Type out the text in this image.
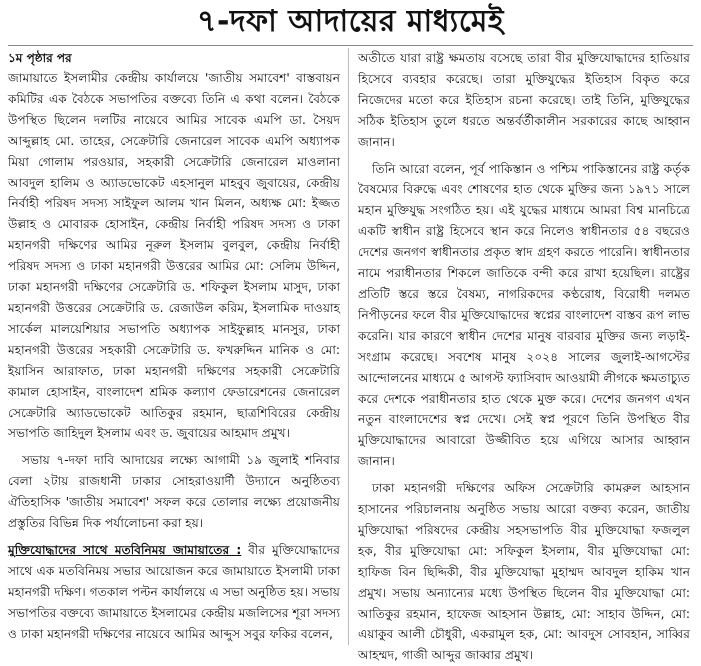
৭-দফা আদায়ের মাধ্যমেই

১ম পৃষ্ঠার পর

জামায়াতে ইসলামীর কেন্দ্রীয় কার্যালয়ে 'জাতীয় সমাবেশ' বাস্তবায়ন কমিটির এক বৈঠকে সভাপতির বক্তব্যে তিনি এ কথা বলেন। বৈঠকে উপস্থিত ছিলেন দলটির নায়েবে আমির সাবেক এমপি ডা. সৈয়দ আব্দুল্লাহ মো. তাহের, সেক্রেটারি জেনারেল সাবেক এমপি অধ্যাপক মিয়া গোলাম পরওয়ার, সহকারী সেক্রেটারি জেনারেল মাওলানা আবদুল হালিম ও অ্যাডভোকেট এহসানুল মাহবুব জুবায়ের, কেন্দ্রীয় নির্বাহী পরিষদ সদস্য সাইফুল আলম খান মিলন, অধ্যক্ষ মো: ইজ্জত উল্লাহ ও মোবারক হোসাইন, কেন্দ্রীয় নির্বাহী পরিষদ সদস্য ও ঢাকা মহানগরী দক্ষিণের আমির নূরুল ইসলাম বুলবুল, কেন্দ্রীয় নির্বাহী পরিষদ সদস্য ও ঢাকা মহানগরী উত্তরের আমির মো: সেলিম উদ্দিন, ঢাকা মহানগরী দক্ষিণের সেক্রেটারি ড. শফিকুল ইসলাম মাসুদ, ঢাকা মহানগরী উত্তরের সেক্রেটারি ড. রেজাউল করিম, ইসলামিক দাওয়াহ সার্কেল মালয়েশিয়ার সভাপতি অধ্যাপক সাইফুল্লাহ মানসুর, ঢাকা মহানগরী উত্তরের সহকারী সেক্রেটারি ড. ফখরুদ্দিন মানিক ও মো: ইয়াসিন আরাফাত, ঢাকা মহানগরী দক্ষিণের সহকারী সেক্রেটারি কামাল হোসাইন, বাংলাদেশ শ্রমিক কল্যাণ ফেডারেশনের জেনারেল সেক্রেটারি অ্যাডভোকেট আতিকুর রহমান, ছাত্রশিবিরের কেন্দ্রীয় সভাপতি জাহিদুল ইসলাম এবং ড. জুবায়ের আহমাদ প্রমুখ।

সভায় ৭-দফা দাবি আদায়ের লক্ষ্যে আগামী ১৯ জুলাই শনিবার বেলা ২টায় রাজধানী ঢাকার সোহরাওয়ার্দী উদ্যানে অনুষ্ঠিতব্য ঐতিহাসিক 'জাতীয় সমাবেশ' সফল করে তোলার লক্ষ্যে প্রয়োজনীয় প্রস্তুতির বিভিন্ন দিক পর্যালোচনা করা হয়।

মুক্তিযোদ্ধাদের সাথে মতবিনিময় জামায়াতের : বীর মুক্তিযোদ্ধাদের সাথে এক মতবিনিময় সভার আয়োজন করে জামায়াতে ইসলামী ঢাকা মহানগরী দক্ষিণ। গতকাল পল্টন কার্যালয়ে এ সভা অনুষ্ঠিত হয়। সভায় সভাপতির বক্তব্যে জামায়াতে ইসলামের কেন্দ্রীয় মজলিসের শূরা সদস্য ও ঢাকা মহানগরী দক্ষিণের নায়েবে আমির আব্দুস সবুর ফকির বলেন,

অতীতে যারা রাষ্ট্র ক্ষমতায় বসেছে তারা বীর মুক্তিযোদ্ধাদের হাতিয়ার হিসেবে ব্যবহার করেছে। তারা মুক্তিযুদ্ধের ইতিহাস বিকৃত করে নিজেদের মতো করে ইতিহাস রচনা করেছে। তাই তিনি, মুক্তিযুদ্ধের সঠিক ইতিহাস তুলে ধরতে অন্তর্বর্তীকালীন সরকারের কাছে আহ্বান জানান।

তিনি আরো বলেন, পূর্ব পাকিস্তান ও পশ্চিম পাকিস্তানের রাষ্ট্র কর্তৃক বৈষম্যের বিরুদ্ধে এবং শোষণের হাত থেকে মুক্তির জন্য ১৯৭১ সালে মহান মুক্তিযুদ্ধ সংগঠিত হয়। এই যুদ্ধের মাধ্যমে আমরা বিশ্ব মানচিত্রে একটি স্বাধীন রাষ্ট্র হিসেবে স্থান করে নিলেও স্বাধীনতার ৫৪ বছরেও দেশের জনগণ স্বাধীনতার প্রকৃত স্বাদ গ্রহণ করতে পারেনি। স্বাধীনতার নামে পরাধীনতার শিকলে জাতিকে বন্দী করে রাখা হয়েছিল। রাষ্ট্রের প্রতিটি স্তরে স্তরে বৈষম্য, নাগরিকদের কণ্ঠরোধ, বিরোধী দলমত নিপীড়নের ফলে বীর মুক্তিযোদ্ধাদের স্বপ্নের বাংলাদেশ বাস্তব রূপ লাভ করেনি। যার কারণে স্বাধীন দেশের মানুষ বারবার মুক্তির জন্য লড়াই-সংগ্রাম করেছে। সবশেষ মানুষ ২০২৪ সালের জুলাই-আগস্টের আন্দোলনের মাধ্যমে ৫ আগস্ট ফ্যাসিবাদ আওয়ামী লীগকে ক্ষমতাচ্যুত করে দেশকে পরাধীনতার হাত থেকে মুক্ত করে। দেশের জনগণ এখন নতুন বাংলাদেশের স্বপ্ন দেখে। সেই স্বপ্ন পূরণে তিনি উপস্থিত বীর মুক্তিযোদ্ধাদের আবারো উজ্জীবিত হয়ে এগিয়ে আসার আহ্বান জানান।

ঢাকা মহানগরী দক্ষিণের অফিস সেক্রেটারি কামরুল আহসান হাসানের পরিচালনায় অনুষ্ঠিত সভায় আরো বক্তব্য করেন, জাতীয় মুক্তিযোদ্ধা পরিষদের কেন্দ্রীয় সহসভাপতি বীর মুক্তিযোদ্ধা ফজলুল হক, বীর মুক্তিযোদ্ধা মো: সফিকুল ইসলাম, বীর মুক্তিযোদ্ধা মো: হাফিজ বিন ছিদ্দিকী, বীর মুক্তিযোদ্ধা মুহাম্মদ আবদুল হাকিম খান প্রমুখ। সভায় অন্যান্যের মধ্যে উপস্থিত ছিলেন বীর মুক্তিযোদ্ধা মো: আতিকুর রহমান, হাফেজ আহসান উল্লাহ, মো: সাহাব উদ্দিন, মো: এয়াকুব আলী চৌধুরী, একরামুল হক, মো: আবদুস সোবহান, সাব্বির আহম্মদ, গাজী আব্দুর জাব্বার প্রমুখ।
